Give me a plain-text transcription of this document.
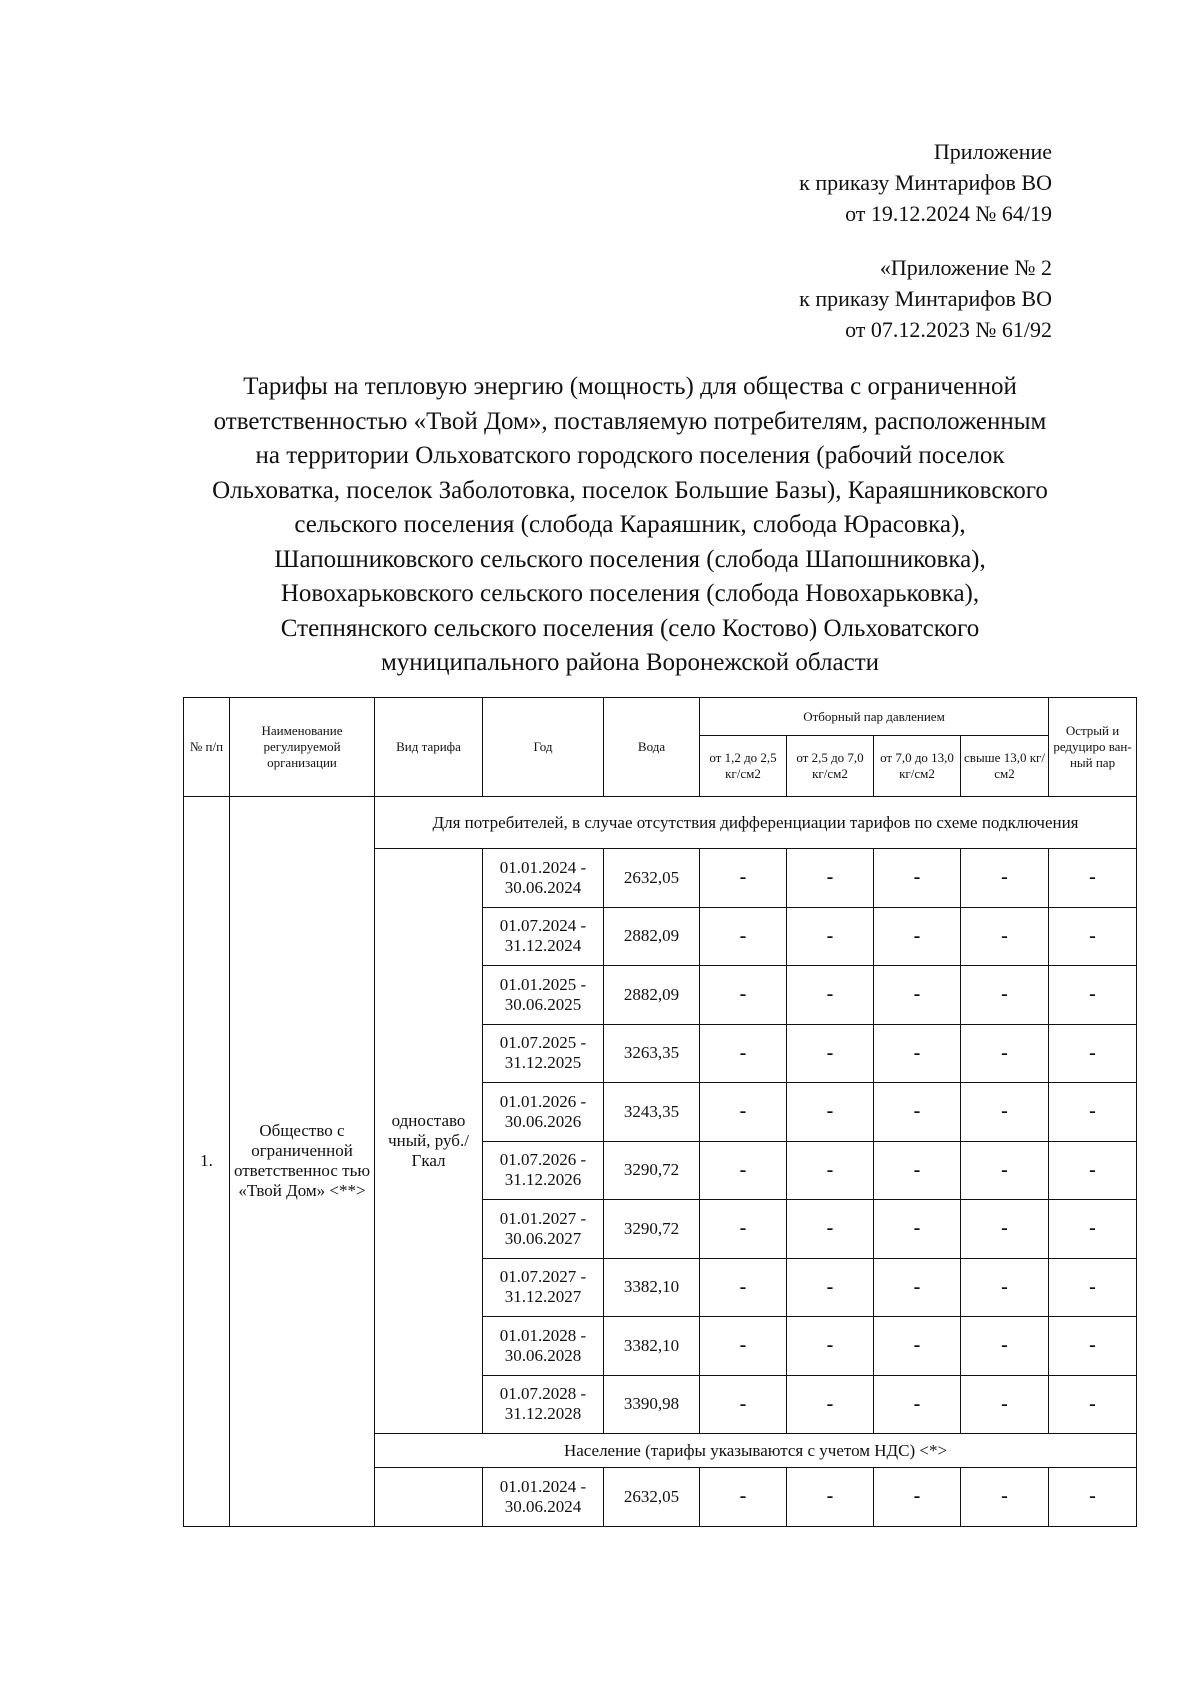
Приложение
к приказу Минтарифов ВО
от 19.12.2024 № 64/19
«Приложение № 2
к приказу Минтарифов ВО
от 07.12.2023 № 61/92
Тарифы на тепловую энергию (мощность) для общества с ограниченной
ответственностью «Твой Дом», поставляемую потребителям, расположенным
на территории Ольховатского городского поселения (рабочий поселок
Ольховатка, поселок Заболотовка, поселок Большие Базы), Караяшниковского
сельского поселения (слобода Караяшник, слобода Юрасовка),
Шапошниковского сельского поселения (слобода Шапошниковка),
Новохарьковского сельского поселения (слобода Новохарьковка),
Степнянского сельского поселения (село Костово) Ольховатского
муниципального района Воронежской области
№ п/п	Наименование регулируемой организации	Вид тарифа	Год	Вода	Отборный пар давлением				Острый и редуциро ван- ный пар
					от 1,2 до 2,5 кг/см2	от 2,5 до 7,0 кг/см2	от 7,0 до 13,0 кг/см2	свыше 13,0 кг/см2	
1.	Общество с ограниченной ответственнос тью «Твой Дом» <**>	Для потребителей, в случае отсутствия дифференциации тарифов по схеме подключения							
		одноставо чный, руб./Гкал	01.01.2024 - 30.06.2024	2632,05	-	-	-	-	-
			01.07.2024 - 31.12.2024	2882,09	-	-	-	-	-
			01.01.2025 - 30.06.2025	2882,09	-	-	-	-	-
			01.07.2025 - 31.12.2025	3263,35	-	-	-	-	-
			01.01.2026 - 30.06.2026	3243,35	-	-	-	-	-
			01.07.2026 - 31.12.2026	3290,72	-	-	-	-	-
			01.01.2027 - 30.06.2027	3290,72	-	-	-	-	-
			01.07.2027 - 31.12.2027	3382,10	-	-	-	-	-
			01.01.2028 - 30.06.2028	3382,10	-	-	-	-	-
			01.07.2028 - 31.12.2028	3390,98	-	-	-	-	-
		Население (тарифы указываются с учетом НДС) <*>							
			01.01.2024 - 30.06.2024	2632,05	-	-	-	-	-
